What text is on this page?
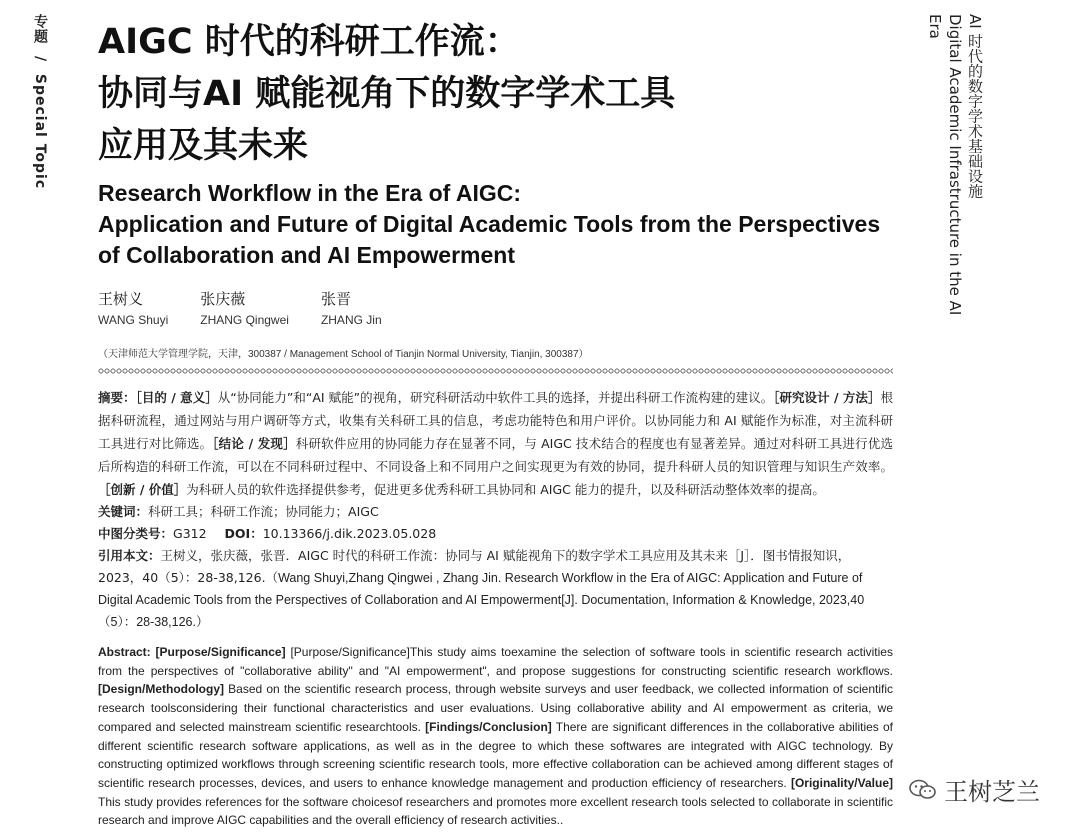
专题 / Special Topic	AI 时代的数字学术基础设施
Digital Academic Infrastructure in the AI Era
AIGC 时代的科研工作流：
协同与AI 赋能视角下的数字学术工具
应用及其未来
Research Workflow in the Era of AIGC:
Application and Future of Digital Academic Tools from the Perspectives
of Collaboration and AI Empowerment
王树义
WANG Shuyi
张庆薇
ZHANG Qingwei
张晋
ZHANG Jin
（天津师范大学管理学院，天津，300387 / Management School of Tianjin Normal University, Tianjin, 300387）
摘要：［目的 / 意义］从“协同能力”和“AI 赋能”的视角，研究科研活动中软件工具的选择，并提出科研工作流构建的建议。［研究设计 / 方法］根据科研流程，通过网站与用户调研等方式，收集有关科研工具的信息，考虑功能特色和用户评价。以协同能力和 AI 赋能作为标准，对主流科研工具进行对比筛选。［结论 / 发现］科研软件应用的协同能力存在显著不同，与 AIGC 技术结合的程度也有显著差异。通过对科研工具进行优选后所构造的科研工作流，可以在不同科研过程中、不同设备上和不同用户之间实现更为有效的协同，提升科研人员的知识管理与知识生产效率。［创新 / 价值］为科研人员的软件选择提供参考，促进更多优秀科研工具协同和 AIGC 能力的提升，以及科研活动整体效率的提高。
关键词：科研工具；科研工作流；协同能力；AIGC
中图分类号：G312 DOI：10.13366/j.dik.2023.05.028
引用本文：王树义，张庆薇，张晋．AIGC 时代的科研工作流：协同与 AI 赋能视角下的数字学术工具应用及其未来［J］．图书情报知识，2023，40（5）：28-38,126.（Wang Shuyi,Zhang Qingwei , Zhang Jin. Research Workflow in the Era of AIGC: Application and Future of Digital Academic Tools from the Perspectives of Collaboration and AI Empowerment[J]. Documentation, Information & Knowledge, 2023,40（5）：28-38,126.）
Abstract: [Purpose/Significance] [Purpose/Significance]This study aims toexamine the selection of software tools in scientific research activities from the perspectives of "collaborative ability" and "AI empowerment", and propose suggestions for constructing scientific research workflows. [Design/Methodology] Based on the scientific research process, through website surveys and user feedback, we collected information of scientific research toolsconsidering their functional characteristics and user evaluations. Using collaborative ability and AI empowerment as criteria, we compared and selected mainstream scientific researchtools. [Findings/Conclusion] There are significant differences in the collaborative abilities of different scientific research software applications, as well as in the degree to which these softwares are integrated with AIGC technology. By constructing optimized workflows through screening scientific research tools, more effective collaboration can be achieved among different stages of scientific research processes, devices, and users to enhance knowledge management and production efficiency of researchers. [Originality/Value] This study provides references for the software choicesof researchers and promotes more excellent research tools selected to collaborate in scientific research and improve AIGC capabilities and the overall efficiency of research activities..
王树芝兰
